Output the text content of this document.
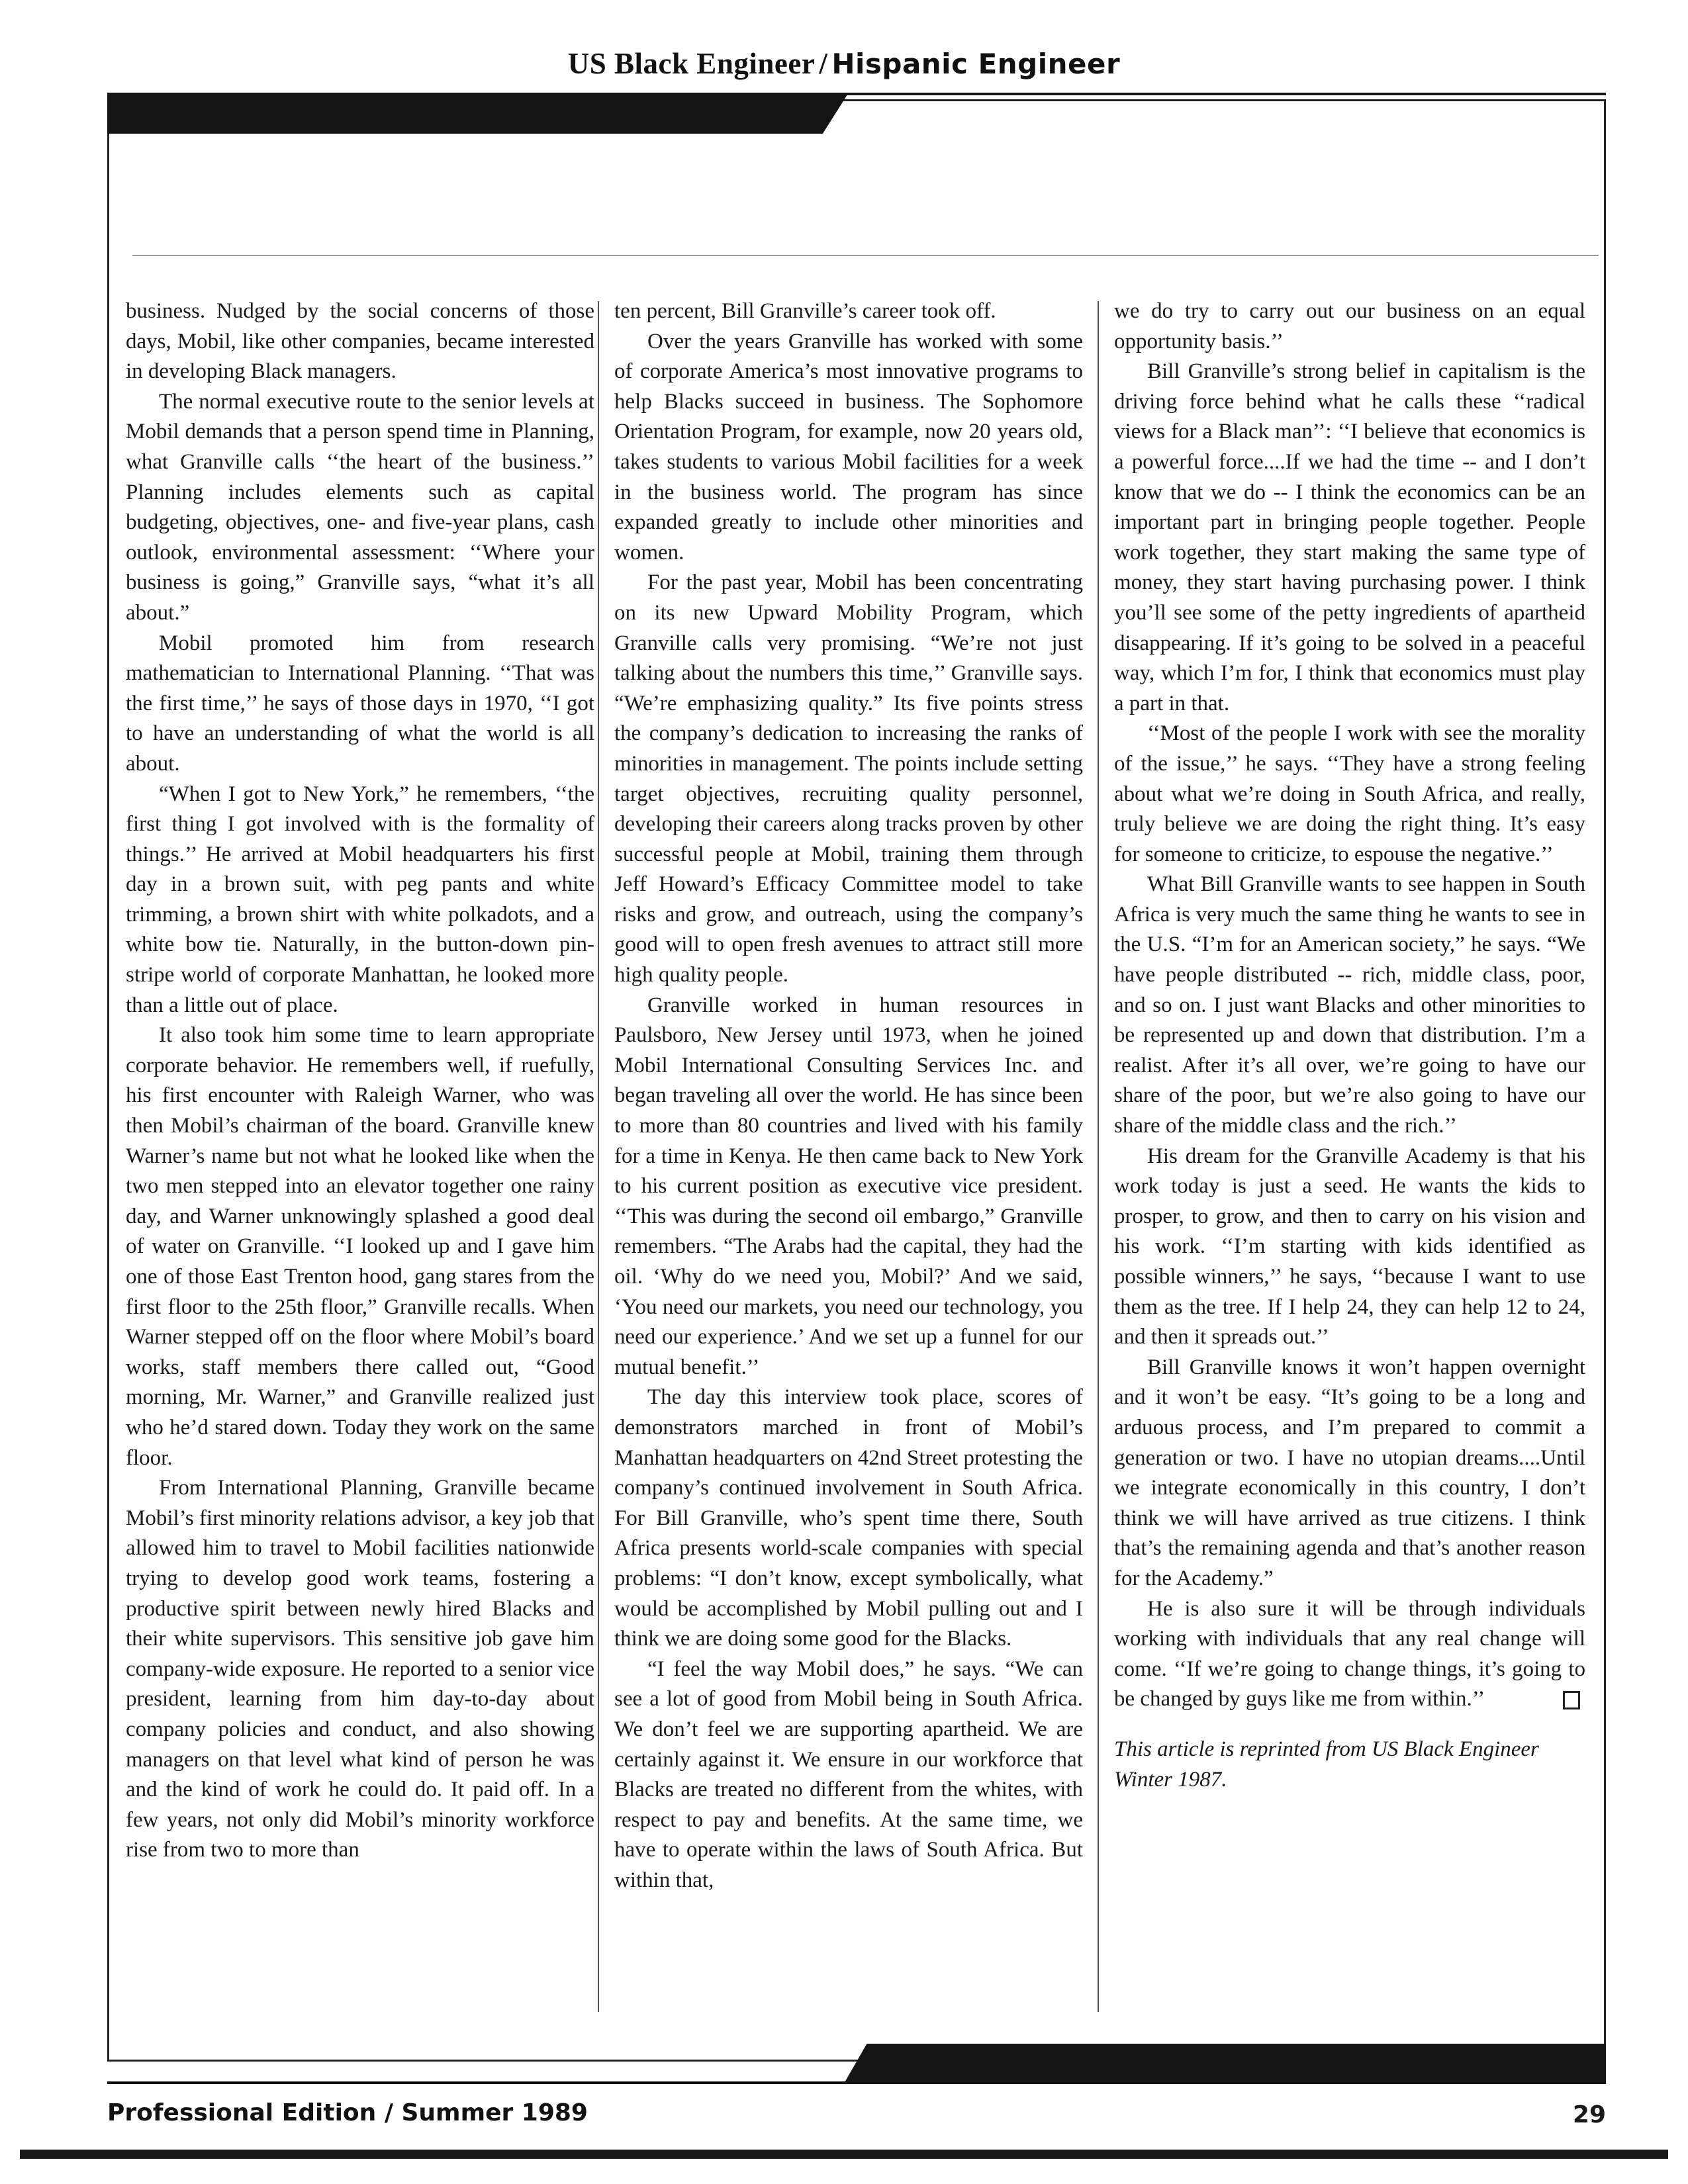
US Black Engineer / Hispanic Engineer

business. Nudged by the social concerns of those days, Mobil, like other companies, became interested in developing Black managers.

The normal executive route to the senior levels at Mobil demands that a person spend time in Planning, what Granville calls ‘‘the heart of the business.’’ Planning includes elements such as capital budgeting, objectives, one- and five-year plans, cash outlook, environmental assessment: ‘‘Where your business is going,” Granville says, “what it’s all about.”

Mobil promoted him from research mathematician to International Planning. ‘‘That was the first time,’’ he says of those days in 1970, ‘‘I got to have an understanding of what the world is all about.

“When I got to New York,” he remembers, ‘‘the first thing I got involved with is the formality of things.’’ He arrived at Mobil headquarters his first day in a brown suit, with peg pants and white trimming, a brown shirt with white polkadots, and a white bow tie. Naturally, in the button-down pin-stripe world of corporate Manhattan, he looked more than a little out of place.

It also took him some time to learn appropriate corporate behavior. He remembers well, if ruefully, his first encounter with Raleigh Warner, who was then Mobil’s chairman of the board. Granville knew Warner’s name but not what he looked like when the two men stepped into an elevator together one rainy day, and Warner unknowingly splashed a good deal of water on Granville. ‘‘I looked up and I gave him one of those East Trenton hood, gang stares from the first floor to the 25th floor,” Granville recalls. When Warner stepped off on the floor where Mobil’s board works, staff members there called out, “Good morning, Mr. Warner,” and Granville realized just who he’d stared down. Today they work on the same floor.

From International Planning, Granville became Mobil’s first minority relations advisor, a key job that allowed him to travel to Mobil facilities nationwide trying to develop good work teams, fostering a productive spirit between newly hired Blacks and their white supervisors. This sensitive job gave him company-wide exposure. He reported to a senior vice president, learning from him day-to-day about company policies and conduct, and also showing managers on that level what kind of person he was and the kind of work he could do. It paid off. In a few years, not only did Mobil’s minority workforce rise from two to more than

ten percent, Bill Granville’s career took off.

Over the years Granville has worked with some of corporate America’s most innovative programs to help Blacks succeed in business. The Sophomore Orientation Program, for example, now 20 years old, takes students to various Mobil facilities for a week in the business world. The program has since expanded greatly to include other minorities and women.

For the past year, Mobil has been concentrating on its new Upward Mobility Program, which Granville calls very promising. “We’re not just talking about the numbers this time,’’ Granville says. “We’re emphasizing quality.” Its five points stress the company’s dedication to increasing the ranks of minorities in management. The points include setting target objectives, recruiting quality personnel, developing their careers along tracks proven by other successful people at Mobil, training them through Jeff Howard’s Efficacy Committee model to take risks and grow, and outreach, using the company’s good will to open fresh avenues to attract still more high quality people.

Granville worked in human resources in Paulsboro, New Jersey until 1973, when he joined Mobil International Consulting Services Inc. and began traveling all over the world. He has since been to more than 80 countries and lived with his family for a time in Kenya. He then came back to New York to his current position as executive vice president. ‘‘This was during the second oil embargo,” Granville remembers. “The Arabs had the capital, they had the oil. ‘Why do we need you, Mobil?’ And we said, ‘You need our markets, you need our technology, you need our experience.’ And we set up a funnel for our mutual benefit.’’

The day this interview took place, scores of demonstrators marched in front of Mobil’s Manhattan headquarters on 42nd Street protesting the company’s continued involvement in South Africa. For Bill Granville, who’s spent time there, South Africa presents world-scale companies with special problems: “I don’t know, except symbolically, what would be accomplished by Mobil pulling out and I think we are doing some good for the Blacks.

“I feel the way Mobil does,” he says. “We can see a lot of good from Mobil being in South Africa. We don’t feel we are supporting apartheid. We are certainly against it. We ensure in our workforce that Blacks are treated no different from the whites, with respect to pay and benefits. At the same time, we have to operate within the laws of South Africa. But within that,

we do try to carry out our business on an equal opportunity basis.’’

Bill Granville’s strong belief in capitalism is the driving force behind what he calls these ‘‘radical views for a Black man’’: ‘‘I believe that economics is a powerful force....If we had the time -- and I don’t know that we do -- I think the economics can be an important part in bringing people together. People work together, they start making the same type of money, they start having purchasing power. I think you’ll see some of the petty ingredients of apartheid disappearing. If it’s going to be solved in a peaceful way, which I’m for, I think that economics must play a part in that.

‘‘Most of the people I work with see the morality of the issue,’’ he says. ‘‘They have a strong feeling about what we’re doing in South Africa, and really, truly believe we are doing the right thing. It’s easy for someone to criticize, to espouse the negative.’’

What Bill Granville wants to see happen in South Africa is very much the same thing he wants to see in the U.S. “I’m for an American society,” he says. “We have people distributed -- rich, middle class, poor, and so on. I just want Blacks and other minorities to be represented up and down that distribution. I’m a realist. After it’s all over, we’re going to have our share of the poor, but we’re also going to have our share of the middle class and the rich.’’

His dream for the Granville Academy is that his work today is just a seed. He wants the kids to prosper, to grow, and then to carry on his vision and his work. ‘‘I’m starting with kids identified as possible winners,’’ he says, ‘‘because I want to use them as the tree. If I help 24, they can help 12 to 24, and then it spreads out.’’

Bill Granville knows it won’t happen overnight and it won’t be easy. “It’s going to be a long and arduous process, and I’m prepared to commit a generation or two. I have no utopian dreams....Until we integrate economically in this country, I don’t think we will have arrived as true citizens. I think that’s the remaining agenda and that’s another reason for the Academy.”

He is also sure it will be through individuals working with individuals that any real change will come. ‘‘If we’re going to change things, it’s going to be changed by guys like me from within.’’

This article is reprinted from US Black Engineer Winter 1987.

Professional Edition / Summer 1989	29
